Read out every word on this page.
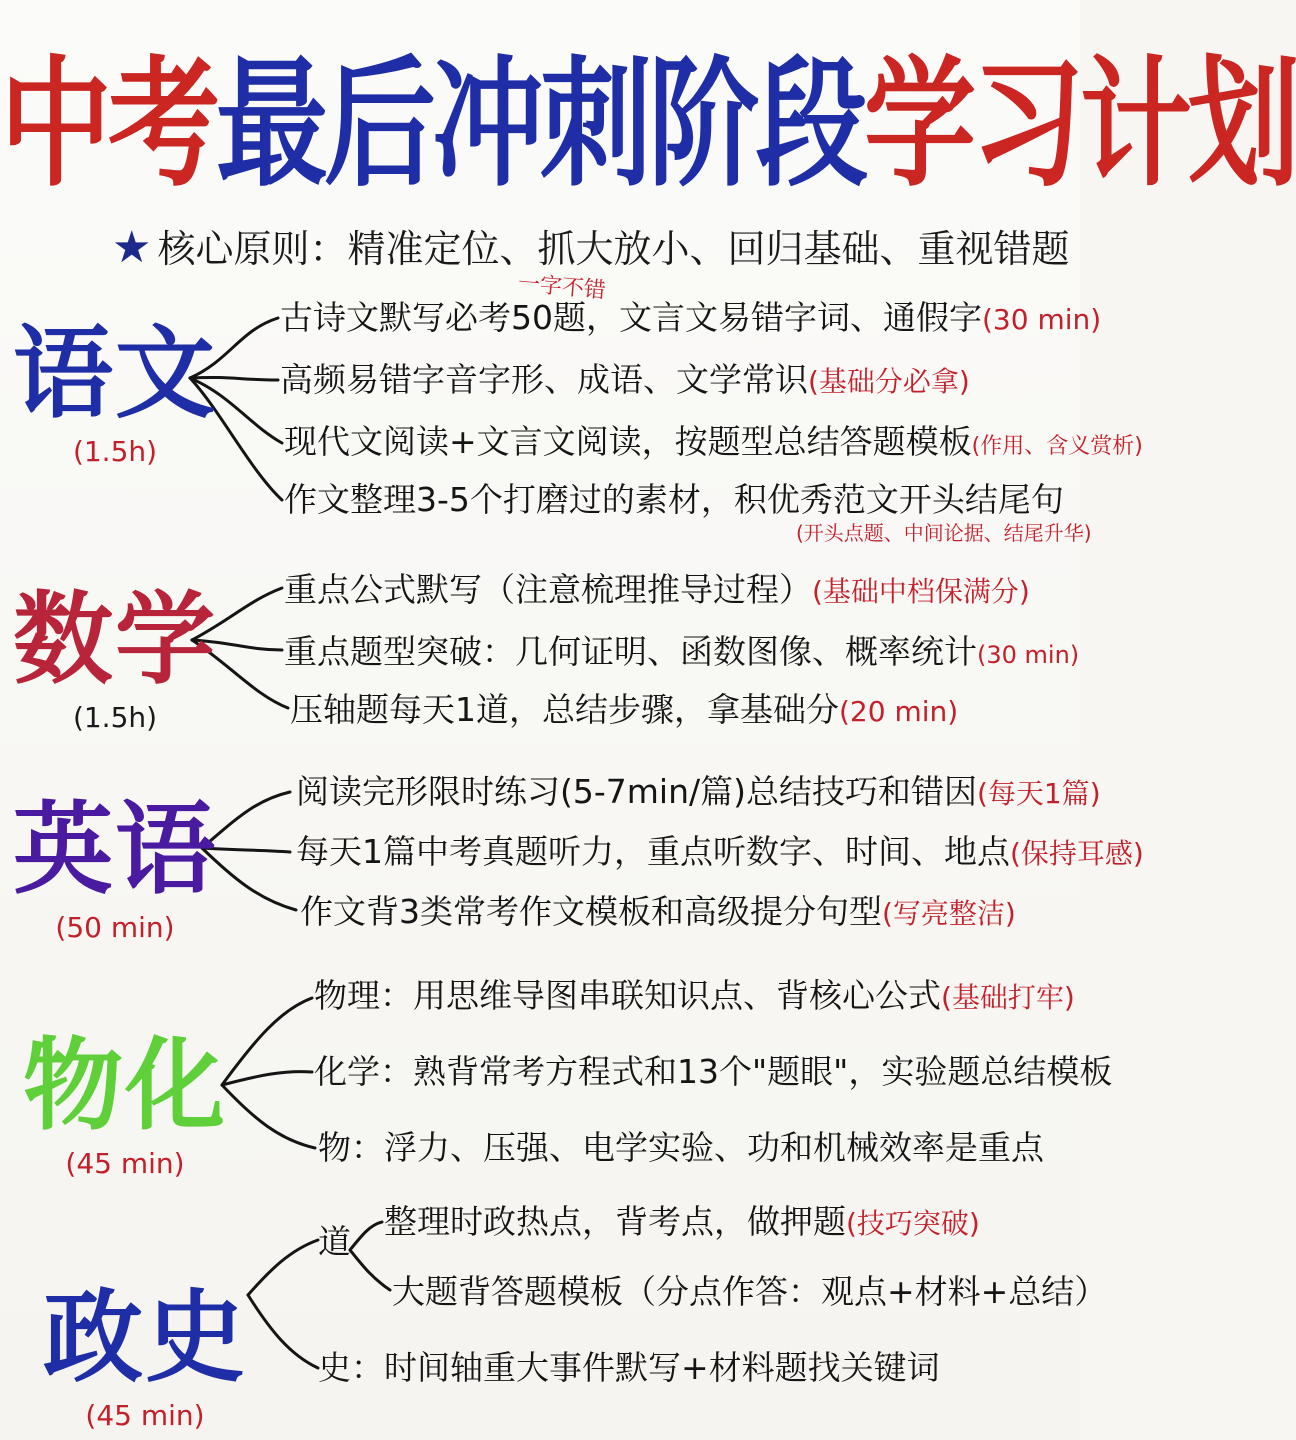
中考最后冲刺阶段学习计划
★ 核心原则：精准定位、抓大放小、回归基础、重视错题
一字不错
语文
(1.5h)
古诗文默写必考50题，文言文易错字词、通假字(30 min)
高频易错字音字形、成语、文学常识(基础分必拿)
现代文阅读+文言文阅读，按题型总结答题模板(作用、含义赏析)
作文整理3-5个打磨过的素材，积优秀范文开头结尾句
(开头点题、中间论据、结尾升华)
数学
(1.5h)
重点公式默写（注意梳理推导过程）(基础中档保满分)
重点题型突破：几何证明、函数图像、概率统计(30 min)
压轴题每天1道，总结步骤，拿基础分(20 min)
英语
(50 min)
阅读完形限时练习(5-7min/篇)总结技巧和错因(每天1篇)
每天1篇中考真题听力，重点听数字、时间、地点(保持耳感)
作文背3类常考作文模板和高级提分句型(写亮整洁)
物化
(45 min)
物理：用思维导图串联知识点、背核心公式(基础打牢)
化学：熟背常考方程式和13个"题眼"，实验题总结模板
物：浮力、压强、电学实验、功和机械效率是重点
政史
(45 min)
道
整理时政热点，背考点，做押题(技巧突破)
大题背答题模板（分点作答：观点+材料+总结）
史：时间轴重大事件默写+材料题找关键词
